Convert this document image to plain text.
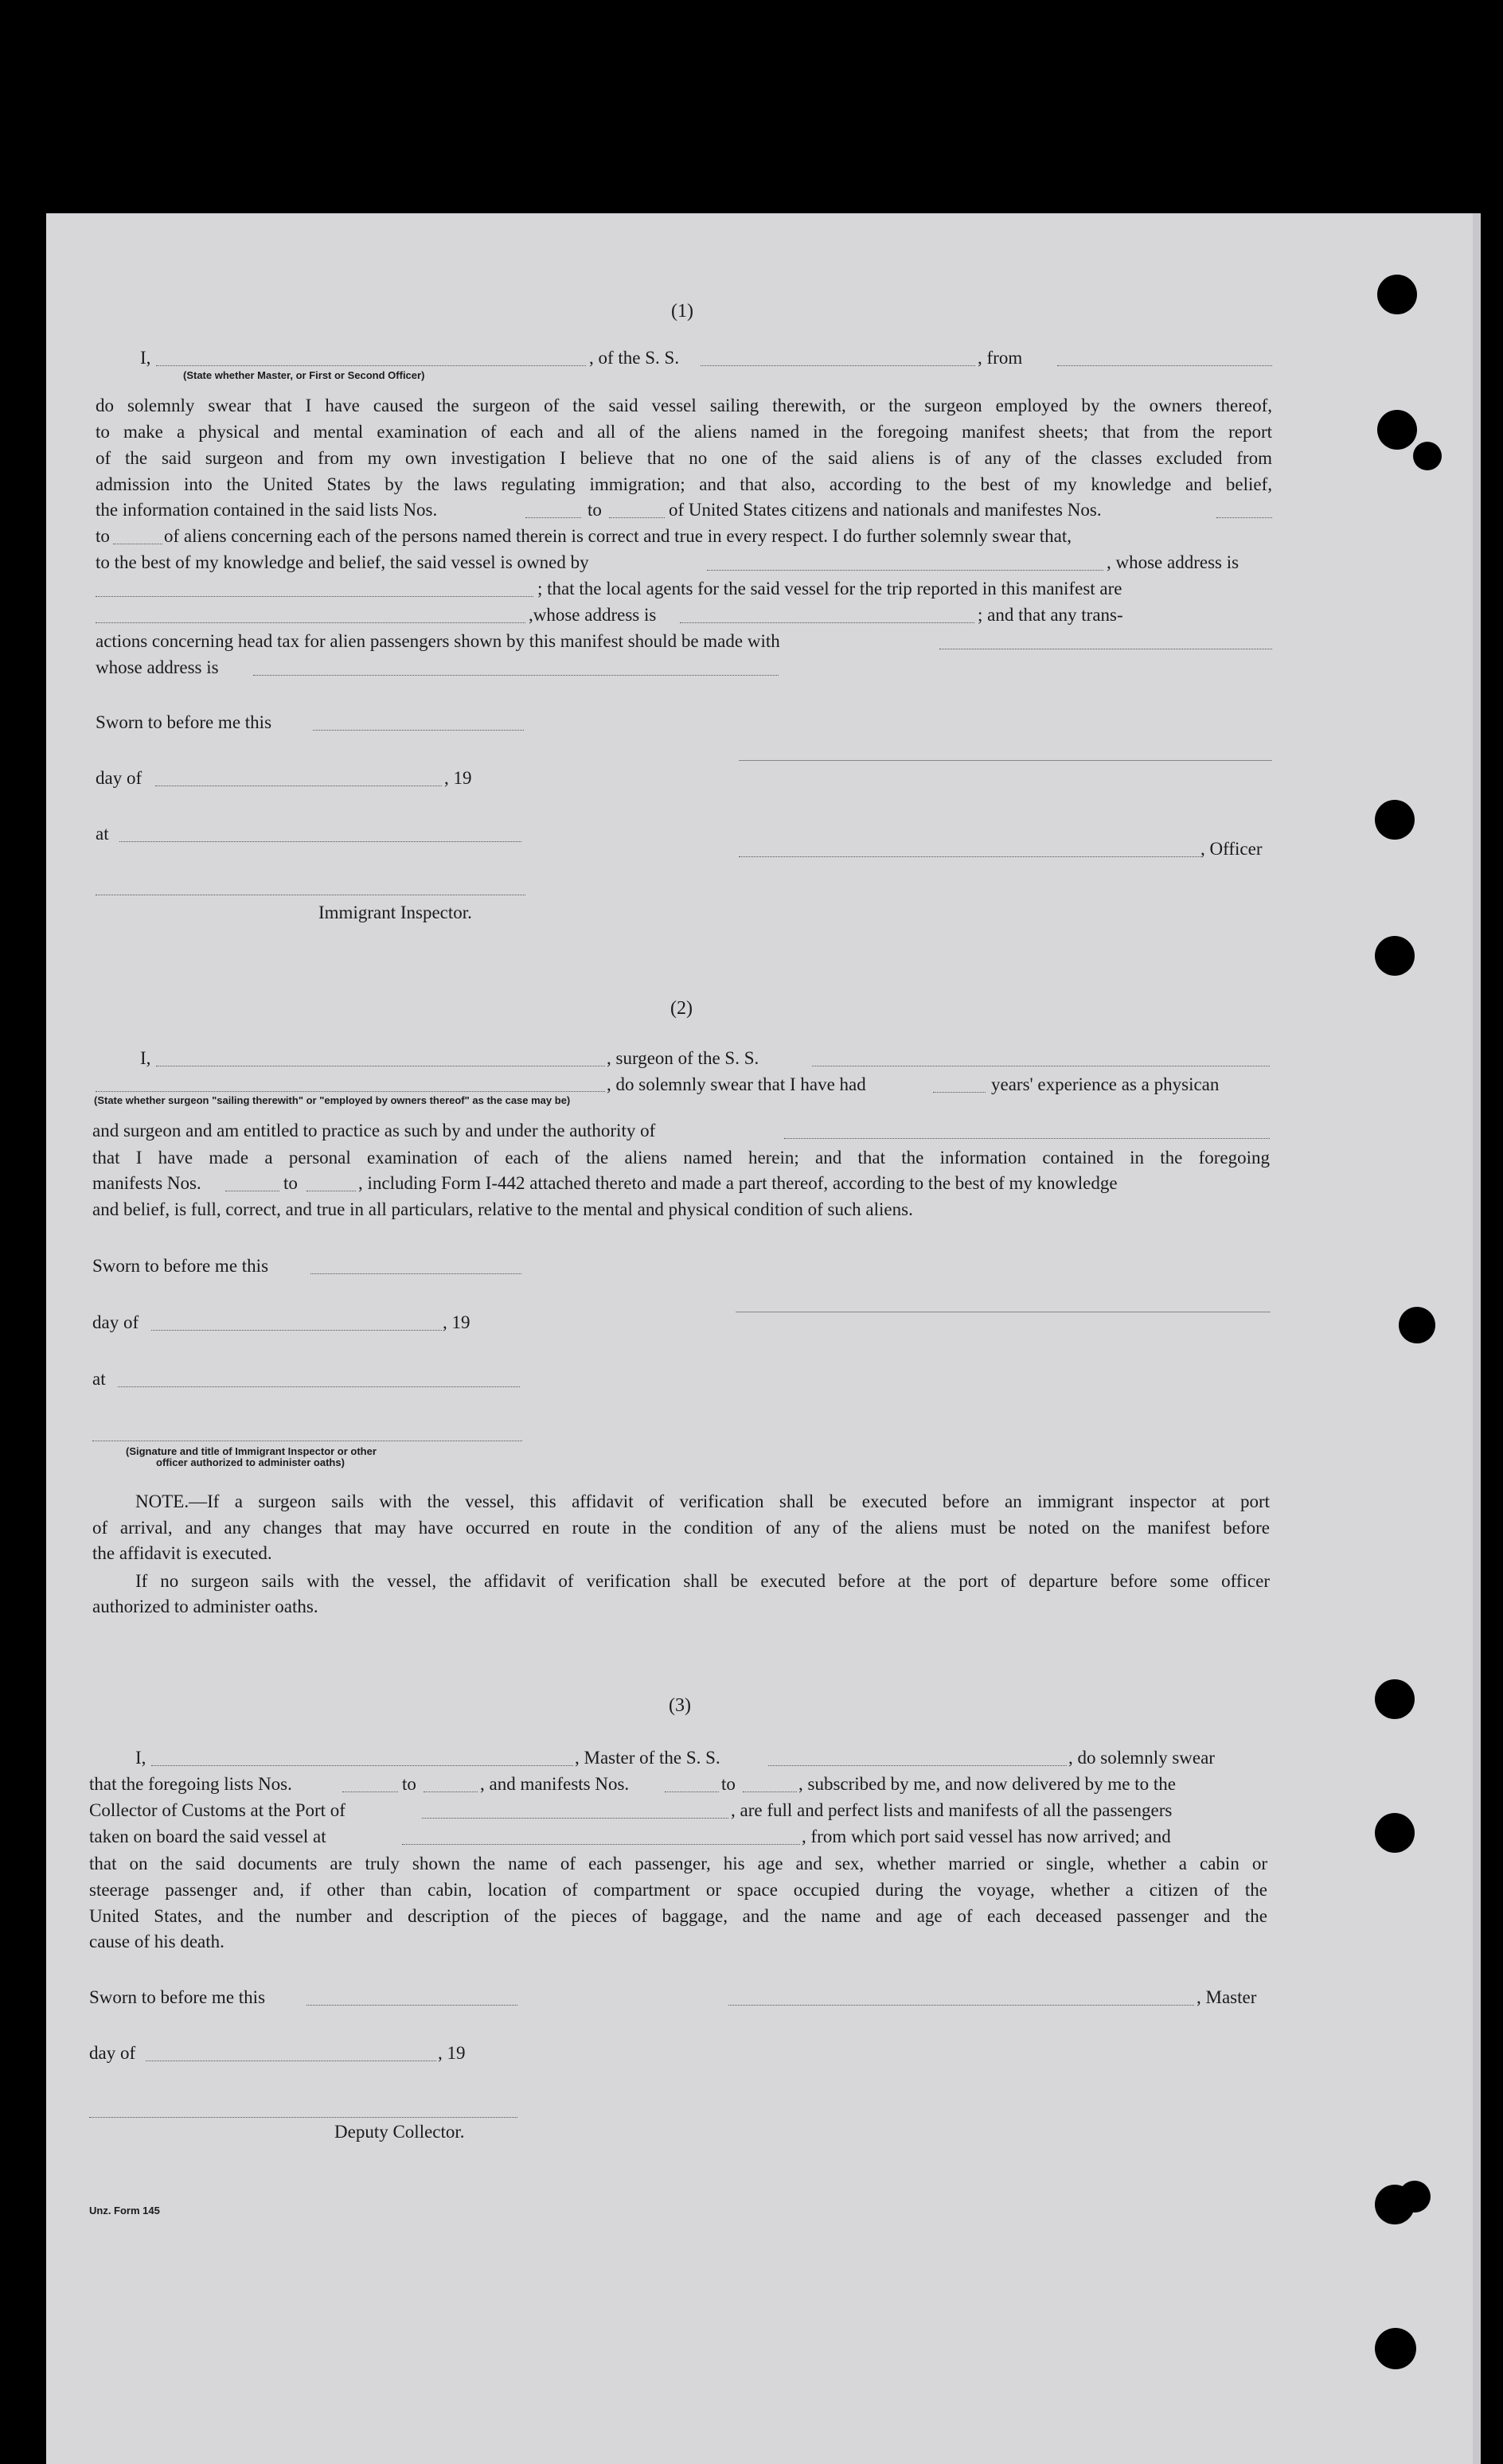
(1)
I,	, of the S. S.	, from
(State whether Master, or First or Second Officer)
do solemnly swear that I have caused the surgeon of the said vessel sailing therewith, or the surgeon employed by the owners thereof,
to make a physical and mental examination of each and all of the aliens named in the foregoing manifest sheets; that from the report
of the said surgeon and from my own investigation I believe that no one of the said aliens is of any of the classes excluded from
admission into the United States by the laws regulating immigration; and that also, according to the best of my knowledge and belief,
the information contained in the said lists Nos.	to	of United States citizens and nationals and manifestes Nos.
to	of aliens concerning each of the persons named therein is correct and true in every respect. I do further solemnly swear that,
to the best of my knowledge and belief, the said vessel is owned by	, whose address is
; that the local agents for the said vessel for the trip reported in this manifest are
,whose address is	; and that any trans-
actions concerning head tax for alien passengers shown by this manifest should be made with
whose address is
Sworn to before me this
day of	, 19
at
, Officer
Immigrant Inspector.
(2)
I,	, surgeon of the S. S.
, do solemnly swear that I have had	years' experience as a physican
(State whether surgeon "sailing therewith" or "employed by owners thereof" as the case may be)
and surgeon and am entitled to practice as such by and under the authority of
that I have made a personal examination of each of the aliens named herein; and that the information contained in the foregoing
manifests Nos.	to	, including Form I-442 attached thereto and made a part thereof, according to the best of my knowledge
and belief, is full, correct, and true in all particulars, relative to the mental and physical condition of such aliens.
Sworn to before me this
day of	, 19
at
(Signature and title of Immigrant Inspector or other
officer authorized to administer oaths)
NOTE.—If a surgeon sails with the vessel, this affidavit of verification shall be executed before an immigrant inspector at port
of arrival, and any changes that may have occurred en route in the condition of any of the aliens must be noted on the manifest before
the affidavit is executed.
If no surgeon sails with the vessel, the affidavit of verification shall be executed before at the port of departure before some officer
authorized to administer oaths.
(3)
I,	, Master of the S. S.	, do solemnly swear
that the foregoing lists Nos.	to	, and manifests Nos.	to	, subscribed by me, and now delivered by me to the
Collector of Customs at the Port of	, are full and perfect lists and manifests of all the passengers
taken on board the said vessel at	, from which port said vessel has now arrived; and
that on the said documents are truly shown the name of each passenger, his age and sex, whether married or single, whether a cabin or
steerage passenger and, if other than cabin, location of compartment or space occupied during the voyage, whether a citizen of the
United States, and the number and description of the pieces of baggage, and the name and age of each deceased passenger and the
cause of his death.
Sworn to before me this	, Master
day of	, 19
Deputy Collector.
Unz. Form 145
